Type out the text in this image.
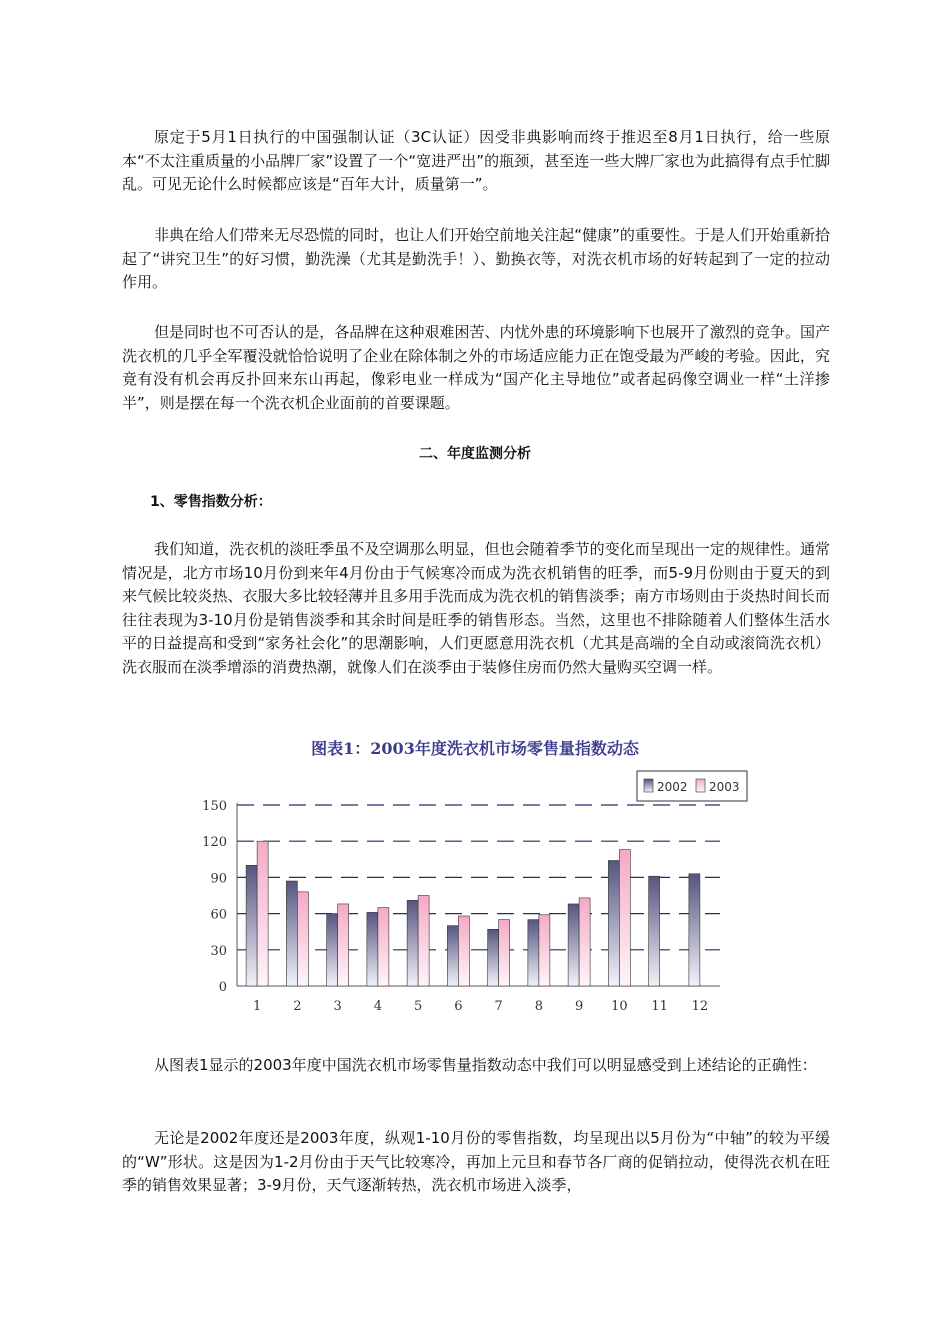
原定于5月1日执行的中国强制认证（3C认证）因受非典影响而终于推迟至8月1日执行，给一些原本“不太注重质量的小品牌厂家”设置了一个“宽进严出”的瓶颈，甚至连一些大牌厂家也为此搞得有点手忙脚乱。可见无论什么时候都应该是“百年大计，质量第一”。

非典在给人们带来无尽恐慌的同时，也让人们开始空前地关注起“健康”的重要性。于是人们开始重新拾起了“讲究卫生”的好习惯，勤洗澡（尤其是勤洗手！）、勤换衣等，对洗衣机市场的好转起到了一定的拉动作用。

但是同时也不可否认的是，各品牌在这种艰难困苦、内忧外患的环境影响下也展开了激烈的竞争。国产洗衣机的几乎全军覆没就恰恰说明了企业在除体制之外的市场适应能力正在饱受最为严峻的考验。因此，究竟有没有机会再反扑回来东山再起，像彩电业一样成为“国产化主导地位”或者起码像空调业一样“土洋掺半”，则是摆在每一个洗衣机企业面前的首要课题。

二、年度监测分析

1、零售指数分析：

我们知道，洗衣机的淡旺季虽不及空调那么明显，但也会随着季节的变化而呈现出一定的规律性。通常情况是，北方市场10月份到来年4月份由于气候寒冷而成为洗衣机销售的旺季，而5-9月份则由于夏天的到来气候比较炎热、衣服大多比较轻薄并且多用手洗而成为洗衣机的销售淡季；南方市场则由于炎热时间长而往往表现为3-10月份是销售淡季和其余时间是旺季的销售形态。当然，这里也不排除随着人们整体生活水平的日益提高和受到“家务社会化”的思潮影响，人们更愿意用洗衣机（尤其是高端的全自动或滚筒洗衣机）洗衣服而在淡季增添的消费热潮，就像人们在淡季由于装修住房而仍然大量购买空调一样。

图表1：2003年度洗衣机市场零售量指数动态

0
30
60
90
120
150
1 2 3 4 5 6 7 8 9 10 11 12
2002 2003

从图表1显示的2003年度中国洗衣机市场零售量指数动态中我们可以明显感受到上述结论的正确性：

无论是2002年度还是2003年度，纵观1-10月份的零售指数，均呈现出以5月份为“中轴”的较为平缓的“W”形状。这是因为1-2月份由于天气比较寒冷，再加上元旦和春节各厂商的促销拉动，使得洗衣机在旺季的销售效果显著；3-9月份，天气逐渐转热，洗衣机市场进入淡季，
